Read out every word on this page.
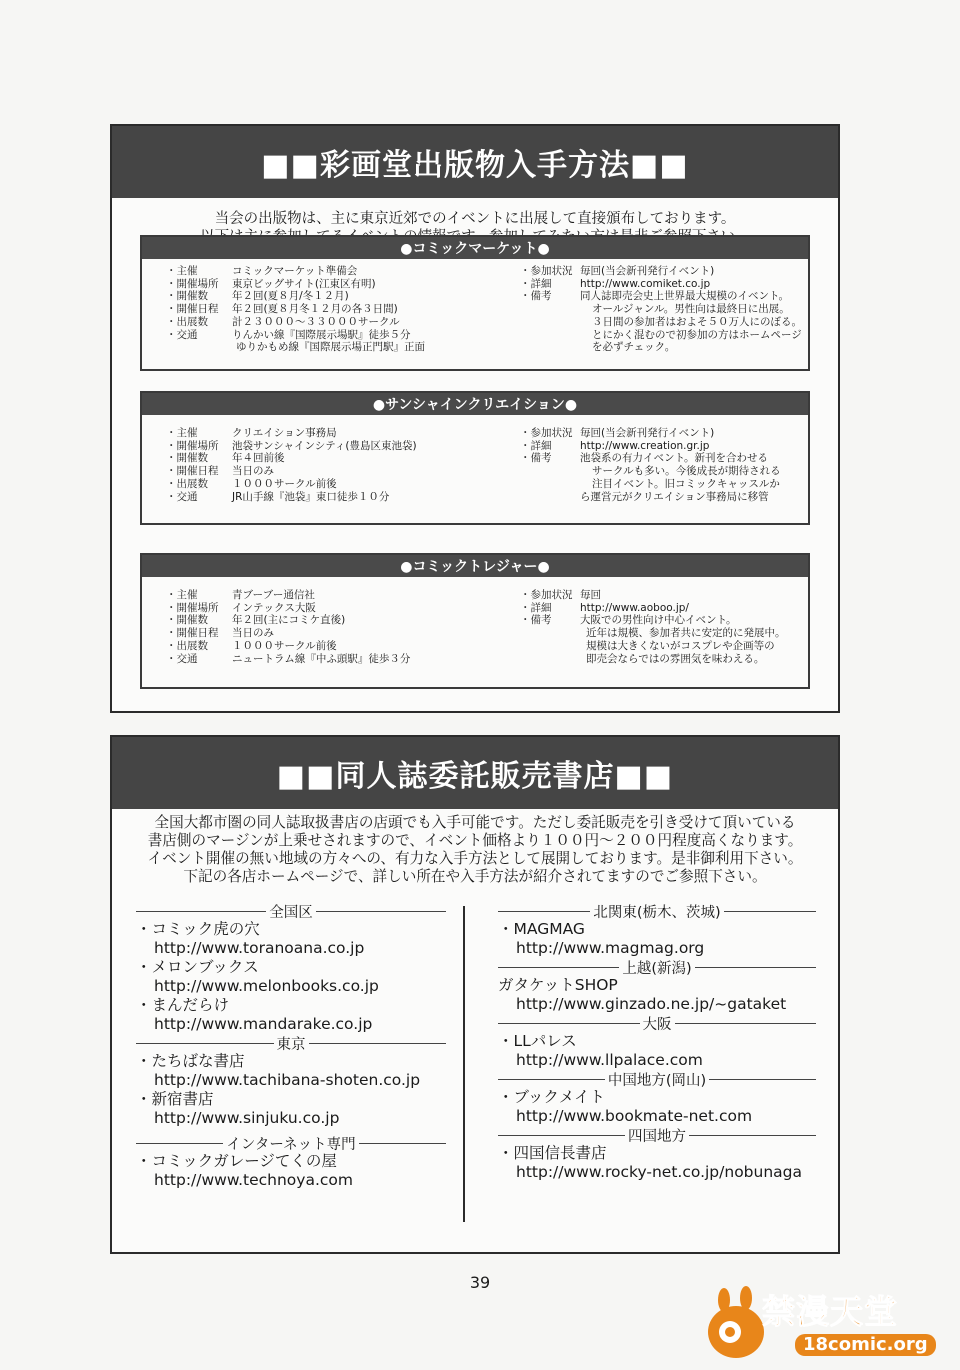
■■彩画堂出版物入手方法■■
当会の出版物は、主に東京近郊でのイベントに出展して直接頒布しております。
●コミックマーケット●
・主催	コミックマーケット準備会
・開催場所	東京ビッグサイト(江東区有明)
・開催数	年２回(夏８月/冬１２月)
・開催日程	年２回(夏８月冬１２月の各３日間)
・出展数	計２３０００～３３０００サークル
・交通	りんかい線『国際展示場駅』徒歩５分
ゆりかもめ線『国際展示場正門駅』正面
・参加状況 毎回(当会新刊発行イベント)
・詳細	http://www.comiket.co.jp
・備考	同人誌即売会史上世界最大規模のイベント。
オールジャンル。男性向は最終日に出展。
３日間の参加者はおよそ５０万人にのぼる。
とにかく混むので初参加の方はホームページ
を必ずチェック。
●サンシャインクリエイション●
・主催	クリエイション事務局
・開催場所	池袋サンシャインシティ(豊島区東池袋)
・開催数	年４回前後
・開催日程	当日のみ
・出展数	１０００サークル前後
・交通	JR山手線『池袋』東口徒歩１０分
・参加状況 毎回(当会新刊発行イベント)
・詳細	http://www.creation.gr.jp
・備考	池袋系の有力イベント。新刊を合わせる
サークルも多い。今後成長が期待される
注目イベント。旧コミックキャッスルか
ら運営元がクリエイション事務局に移管
●コミックトレジャー●
・主催	青ブーブー通信社
・開催場所	インテックス大阪
・開催数	年２回(主にコミケ直後)
・開催日程	当日のみ
・出展数	１０００サークル前後
・交通	ニュートラム線『中ふ頭駅』徒歩３分
・参加状況 毎回
・詳細	http://www.aoboo.jp/
・備考	大阪での男性向け中心イベント。
近年は規模、参加者共に安定的に発展中。
規模は大きくないがコスプレや企画等の
即売会ならではの雰囲気を味わえる。
■■同人誌委託販売書店■■
全国大都市圏の同人誌取扱書店の店頭でも入手可能です。ただし委託販売を引き受けて頂いている
書店側のマージンが上乗せされますので、イベント価格より１００円～２００円程度高くなります。
イベント開催の無い地域の方々への、有力な入手方法として展開しております。是非御利用下さい。
下記の各店ホームページで、詳しい所在や入手方法が紹介されてますのでご参照下さい。
全国区
・コミック虎の穴
http://www.toranoana.co.jp
・メロンブックス
http://www.melonbooks.co.jp
・まんだらけ
http://www.mandarake.co.jp
東京
・たちばな書店
http://www.tachibana-shoten.co.jp
・新宿書店
http://www.sinjuku.co.jp
インターネット専門
・コミックガレージてくの屋
http://www.technoya.com
北関東(栃木、茨城)
・MAGMAG
http://www.magmag.org
上越(新潟)
ガタケットSHOP
http://www.ginzado.ne.jp/~gataket
大阪
・LLパレス
http://www.llpalace.com
中国地方(岡山)
・ブックメイト
http://www.bookmate-net.com
四国地方
・四国信長書店
http://www.rocky-net.co.jp/nobunaga
39
禁漫天堂
18comic.org
